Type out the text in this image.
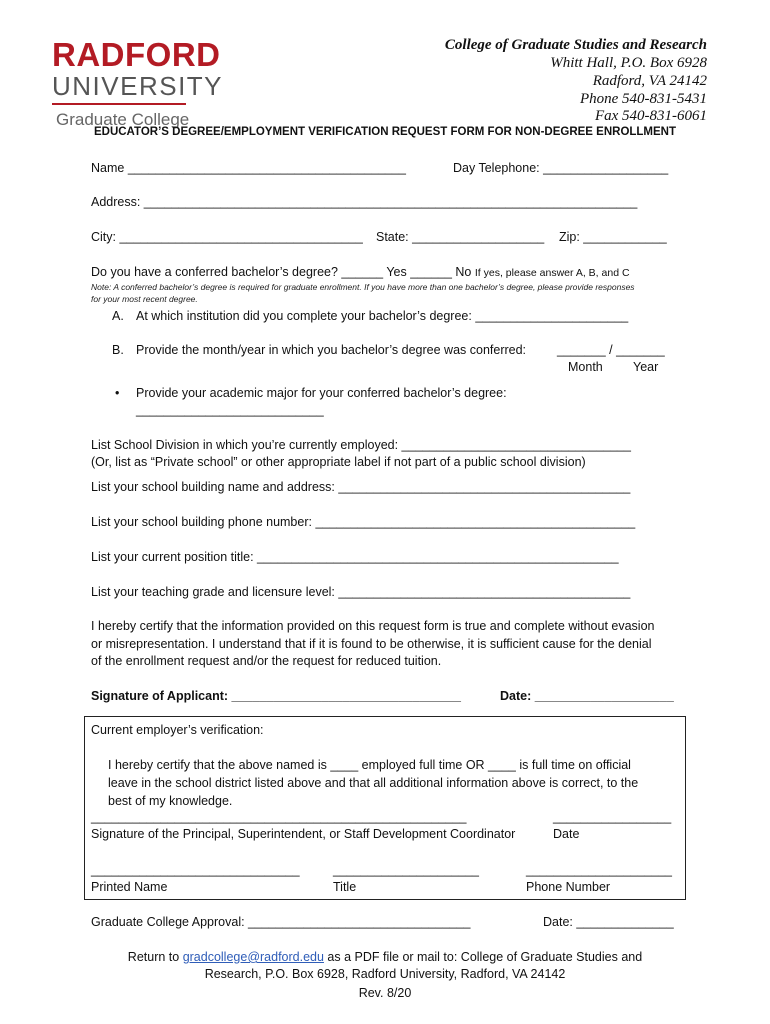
RADFORD
UNIVERSITY
Graduate College
College of Graduate Studies and Research
Whitt Hall, P.O. Box 6928
Radford, VA 24142
Phone 540-831-5431
Fax 540-831-6061
EDUCATOR’S DEGREE/EMPLOYMENT VERIFICATION REQUEST FORM FOR NON-DEGREE ENROLLMENT
Name ________________________________________	Day Telephone: __________________
Address: _______________________________________________________________________
City: ___________________________________ State: ___________________ Zip: ____________
Do you have a conferred bachelor’s degree? ______ Yes ______ No If yes, please answer A, B, and C
Note: A conferred bachelor’s degree is required for graduate enrollment. If you have more than one bachelor’s degree, please provide responses
for your most recent degree.
A. At which institution did you complete your bachelor’s degree: ______________________
B. Provide the month/year in which you bachelor’s degree was conferred: _______ / _______
Month Year
• Provide your academic major for your conferred bachelor’s degree:
___________________________
List School Division in which you’re currently employed: _________________________________
(Or, list as “Private school” or other appropriate label if not part of a public school division)
List your school building name and address: __________________________________________
List your school building phone number: ______________________________________________
List your current position title: ____________________________________________________
List your teaching grade and licensure level: __________________________________________
I hereby certify that the information provided on this request form is true and complete without evasion
or misrepresentation. I understand that if it is found to be otherwise, it is sufficient cause for the denial
of the enrollment request and/or the request for reduced tuition.
Signature of Applicant: _________________________________	Date: ____________________
Current employer’s verification:
I hereby certify that the above named is ____ employed full time OR ____ is full time on official
leave in the school district listed above and that all additional information above is correct, to the
best of my knowledge.
______________________________________________________	_________________
Signature of the Principal, Superintendent, or Staff Development Coordinator	Date
______________________________	_____________________	_____________________
Printed Name	Title	Phone Number
Graduate College Approval: ________________________________	Date: ______________
Return to gradcollege@radford.edu as a PDF file or mail to: College of Graduate Studies and
Research, P.O. Box 6928, Radford University, Radford, VA 24142
Rev. 8/20
